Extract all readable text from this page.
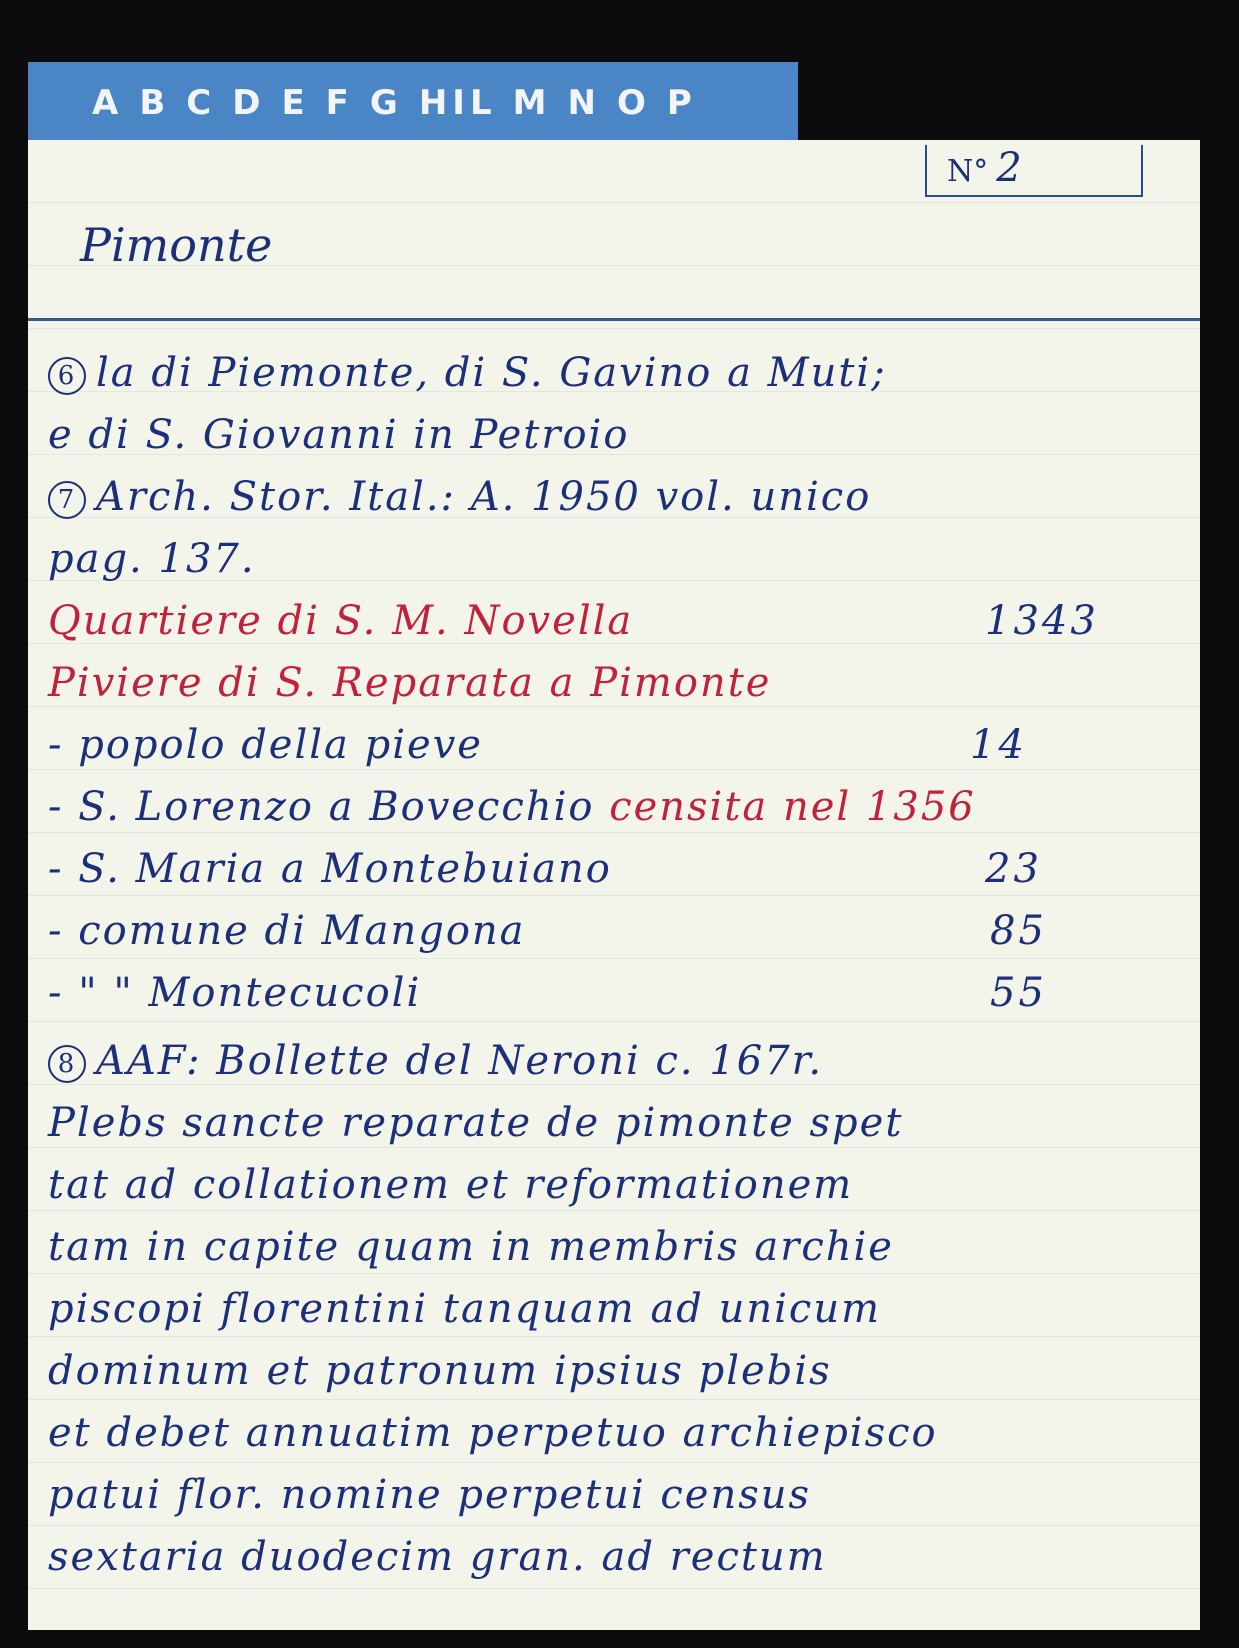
A B C D E F G H I L M N O P
N° 2
Pimonte
6 la di Piemonte, di S. Gavino a Muti;
e di S. Giovanni in Petroio
7 Arch. Stor. Ital.: A. 1950 vol. unico
pag. 137.
Quartiere di S. M. Novella	1343
Piviere di S. Reparata a Pimonte
- popolo della pieve	14
- S. Lorenzo a Bovecchio censita nel 1356
- S. Maria a Montebuiano	23
- comune di Mangona	85
- " " Montecucoli	55
8 AAF: Bollette del Neroni c. 167r.
Plebs sancte reparate de pimonte spet
tat ad collationem et reformationem
tam in capite quam in membris archie
piscopi florentini tanquam ad unicum
dominum et patronum ipsius plebis
et debet annuatim perpetuo archiepisco
patui flor. nomine perpetui census
sextaria duodecim gran. ad rectum
